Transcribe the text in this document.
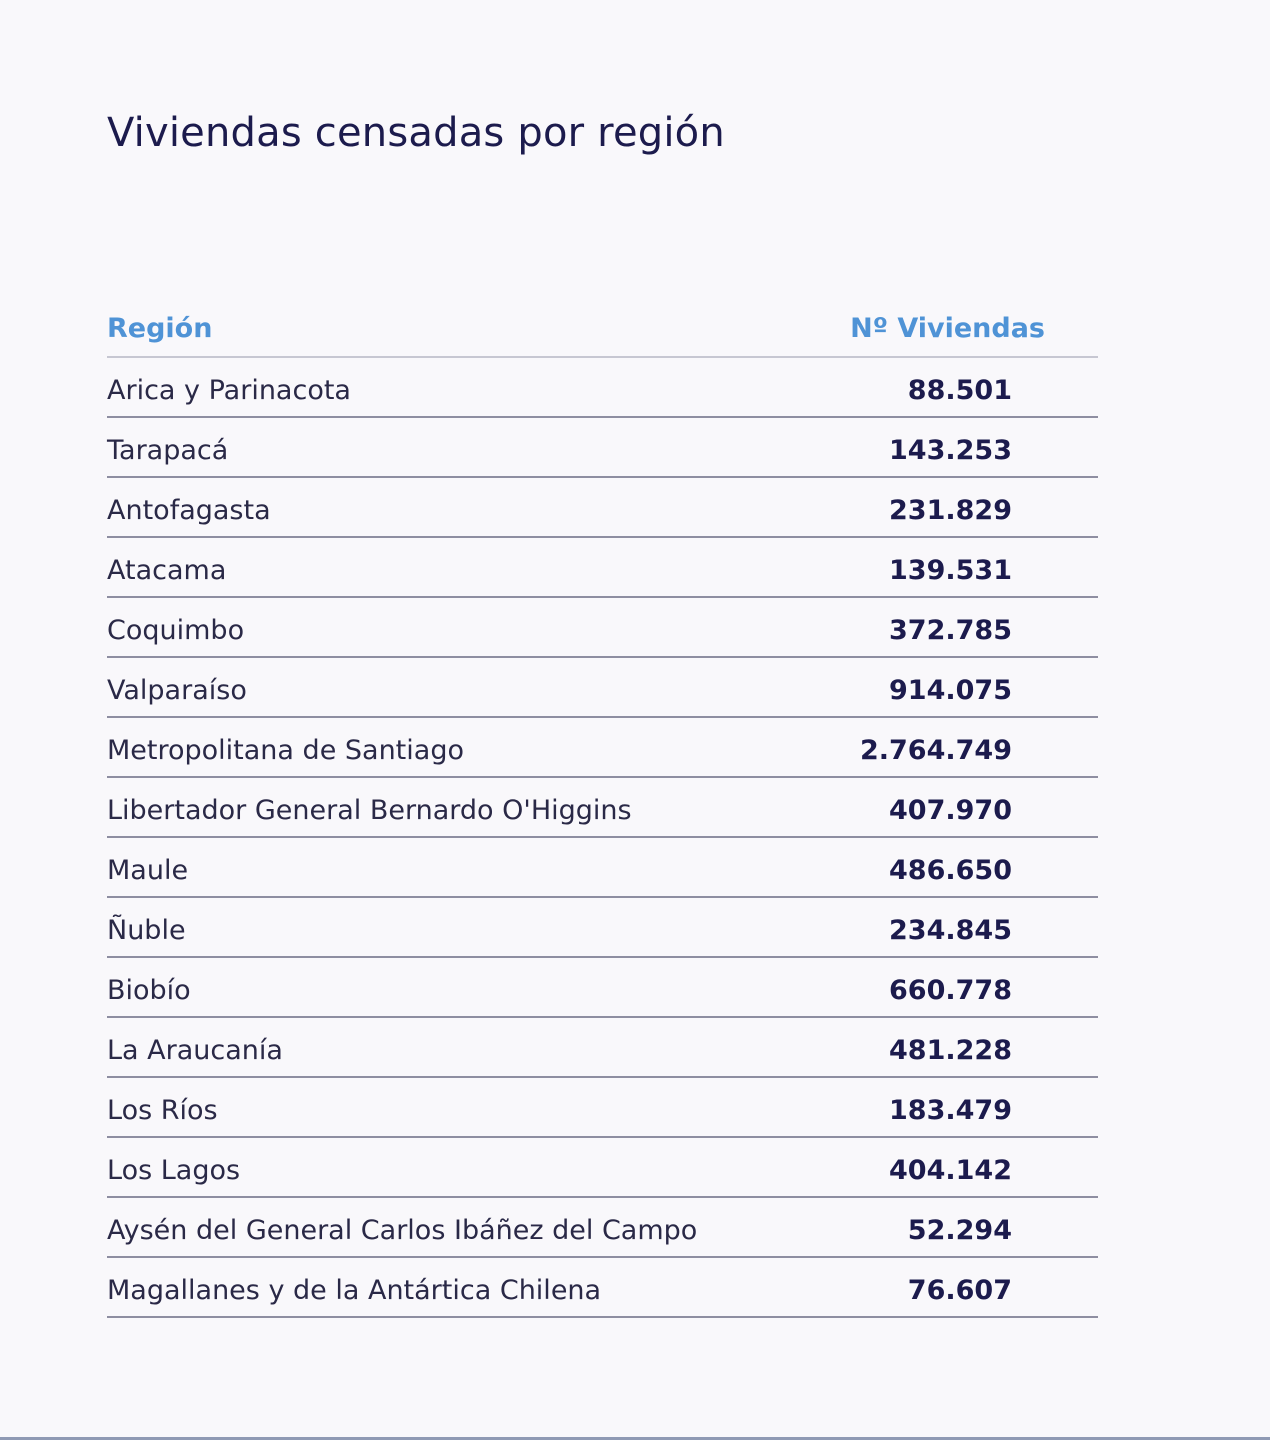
Viviendas censadas por región
Región	Nº Viviendas
Arica y Parinacota	88.501
Tarapacá	143.253
Antofagasta	231.829
Atacama	139.531
Coquimbo	372.785
Valparaíso	914.075
Metropolitana de Santiago	2.764.749
Libertador General Bernardo O'Higgins	407.970
Maule	486.650
Ñuble	234.845
Biobío	660.778
La Araucanía	481.228
Los Ríos	183.479
Los Lagos	404.142
Aysén del General Carlos Ibáñez del Campo	52.294
Magallanes y de la Antártica Chilena	76.607
